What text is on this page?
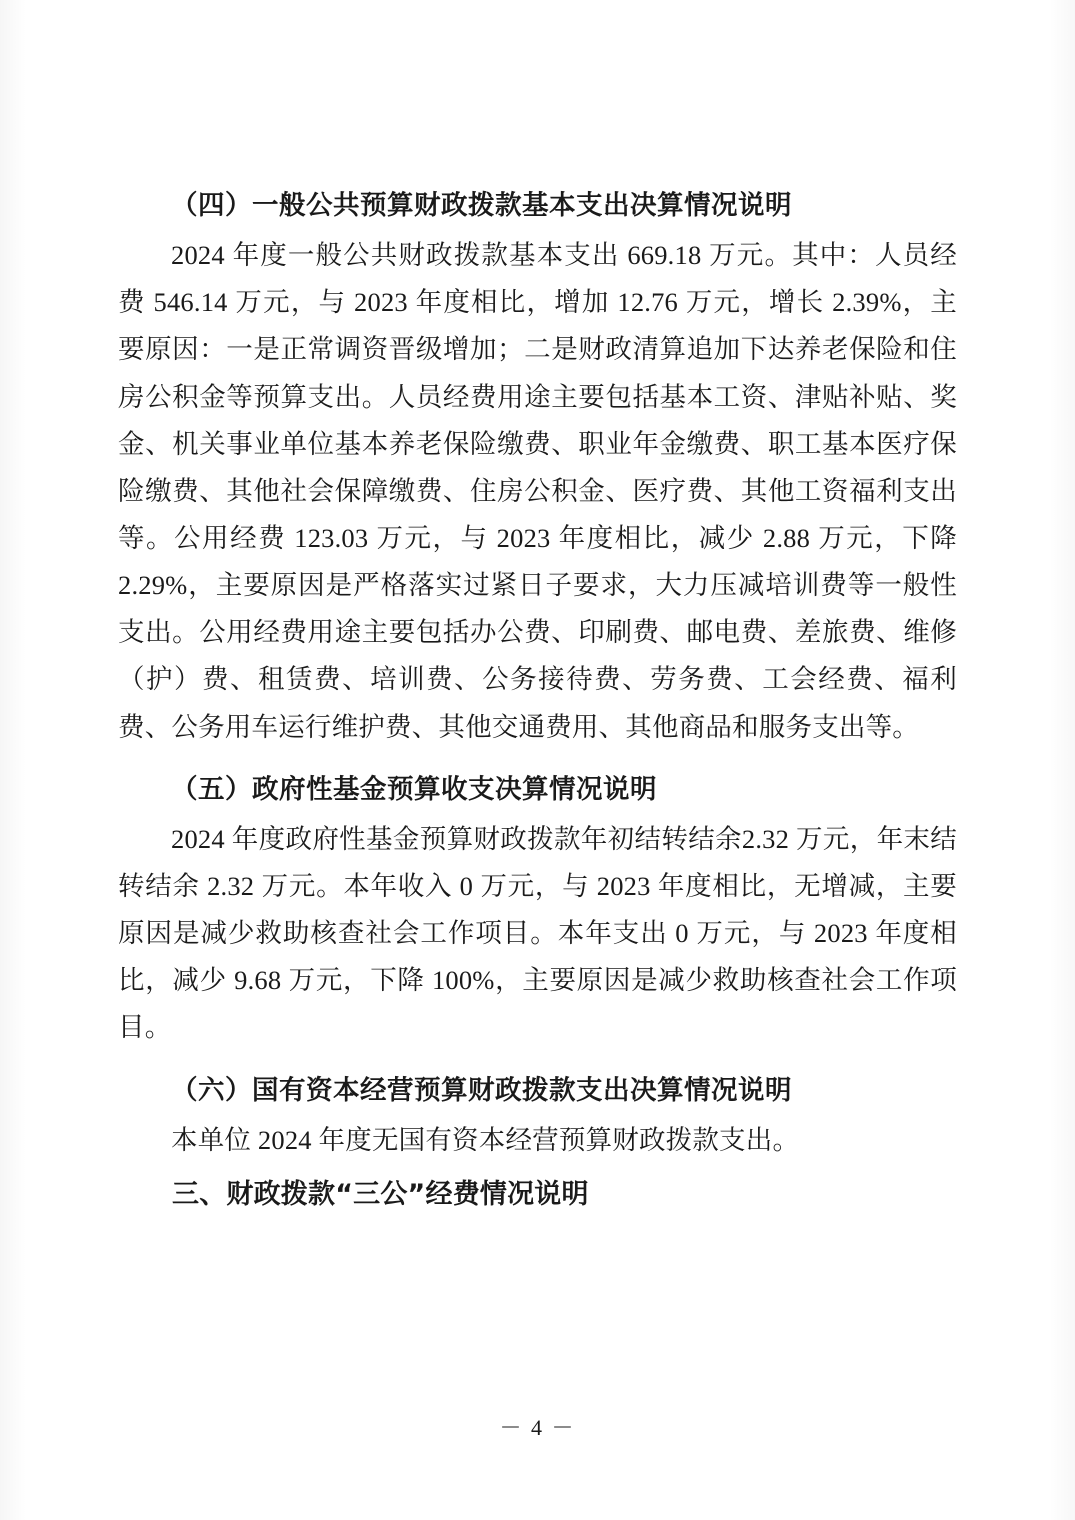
（四）一般公共预算财政拨款基本支出决算情况说明

2024 年度一般公共财政拨款基本支出 669.18 万元。其中：人员经费 546.14 万元，与 2023 年度相比，增加 12.76 万元，增长 2.39%，主要原因：一是正常调资晋级增加；二是财政清算追加下达养老保险和住房公积金等预算支出。人员经费用途主要包括基本工资、津贴补贴、奖金、机关事业单位基本养老保险缴费、职业年金缴费、职工基本医疗保险缴费、其他社会保障缴费、住房公积金、医疗费、其他工资福利支出等。公用经费 123.03 万元，与 2023 年度相比，减少 2.88 万元，下降 2.29%，主要原因是严格落实过紧日子要求，大力压减培训费等一般性支出。公用经费用途主要包括办公费、印刷费、邮电费、差旅费、维修（护）费、租赁费、培训费、公务接待费、劳务费、工会经费、福利费、公务用车运行维护费、其他交通费用、其他商品和服务支出等。

（五）政府性基金预算收支决算情况说明

2024 年度政府性基金预算财政拨款年初结转结余2.32 万元，年末结转结余 2.32 万元。本年收入 0 万元，与 2023 年度相比，无增减，主要原因是减少救助核查社会工作项目。本年支出 0 万元，与 2023 年度相比，减少 9.68 万元，下降 100%，主要原因是减少救助核查社会工作项目。

（六）国有资本经营预算财政拨款支出决算情况说明

本单位 2024 年度无国有资本经营预算财政拨款支出。

三、财政拨款“三公”经费情况说明
－ 4 －
